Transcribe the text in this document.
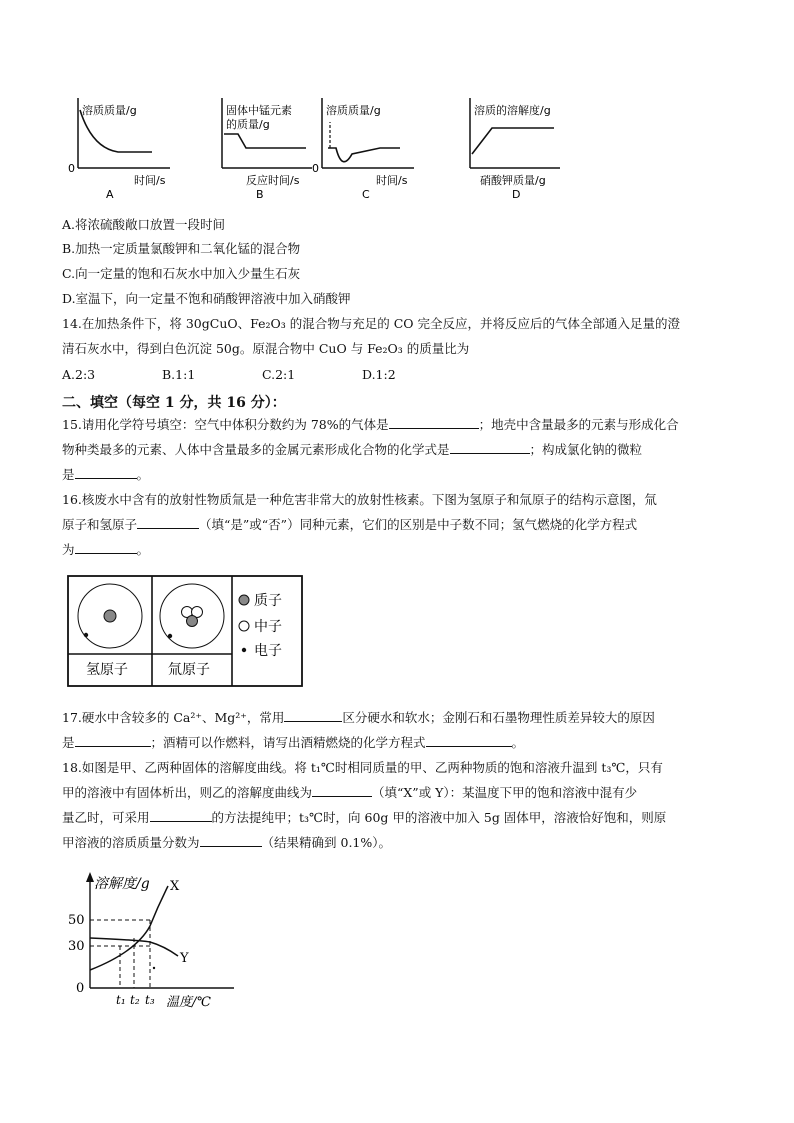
溶质质量/g
0
时间/s
A
固体中锰元素
的质量/g
反应时间/s
B
溶质质量/g
0
时间/s
C
溶质的溶解度/g
硝酸钾质量/g
D
A.将浓硫酸敞口放置一段时间
B.加热一定质量氯酸钾和二氧化锰的混合物
C.向一定量的饱和石灰水中加入少量生石灰
D.室温下，向一定量不饱和硝酸钾溶液中加入硝酸钾
14.在加热条件下，将 30gCuO、Fe₂O₃ 的混合物与充足的 CO 完全反应，并将反应后的气体全部通入足量的澄
清石灰水中，得到白色沉淀 50g。原混合物中 CuO 与 Fe₂O₃ 的质量比为
A.2:3	B.1:1	C.2:1	D.1:2
二、填空（每空 1 分，共 16 分）：
15.请用化学符号填空：空气中体积分数约为 78%的气体是	；地壳中含量最多的元素与形成化合
物种类最多的元素、人体中含量最多的金属元素形成化合物的化学式是	；构成氯化钠的微粒
是	。
16.核废水中含有的放射性物质氚是一种危害非常大的放射性核素。下图为氢原子和氚原子的结构示意图，氚
原子和氢原子	（填“是”或“否”）同种元素，它们的区别是中子数不同；氢气燃烧的化学方程式
为	。
氢原子	氚原子
质子
中子
电子
17.硬水中含较多的 Ca²⁺、Mg²⁺，常用	区分硬水和软水；金刚石和石墨物理性质差异较大的原因
是	；酒精可以作燃料，请写出酒精燃烧的化学方程式	。
18.如图是甲、乙两种固体的溶解度曲线。将 t₁℃时相同质量的甲、乙两种物质的饱和溶液升温到 t₃℃，只有
甲的溶液中有固体析出，则乙的溶解度曲线为	（填“X”或 Y）：某温度下甲的饱和溶液中混有少
量乙时，可采用	的方法提纯甲；t₃℃时，向 60g 甲的溶液中加入 5g 固体甲，溶液恰好饱和，则原
甲溶液的溶质质量分数为	（结果精确到 0.1%）。
溶解度/g
50
30
0
X
Y
t₁ t₂ t₃ 温度/℃
